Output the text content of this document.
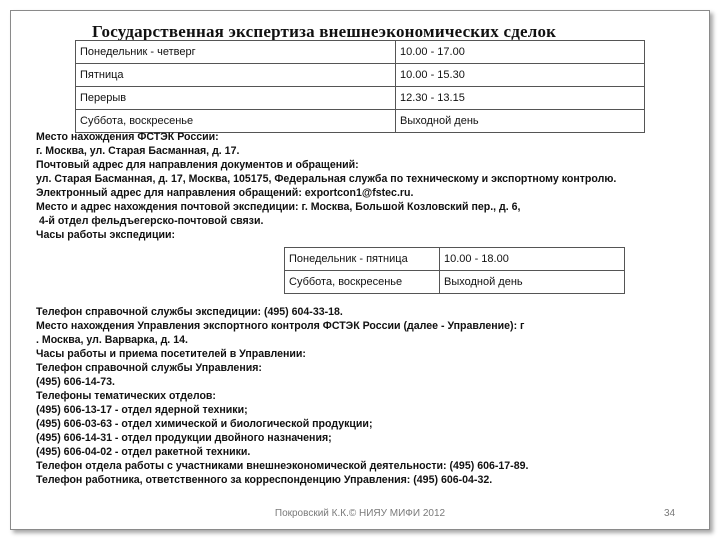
Государственная экспертиза внешнеэкономических сделок
Понедельник - четверг	10.00 - 17.00
Пятница	10.00 - 15.30
Перерыв	12.30 - 13.15
Суббота, воскресенье	Выходной день
Место нахождения ФСТЭК России:
г. Москва, ул. Старая Басманная, д. 17.
Почтовый адрес для направления документов и обращений:
ул. Старая Басманная, д. 17, Москва, 105175, Федеральная служба по техническому и экспортному контролю.
Электронный адрес для направления обращений: exportcon1@fstec.ru.
Место и адрес нахождения почтовой экспедиции: г. Москва, Большой Козловский пер., д. 6,
4-й отдел фельдъегерско-почтовой связи.
Часы работы экспедиции:
Понедельник - пятница	10.00 - 18.00
Суббота, воскресенье	Выходной день
Телефон справочной службы экспедиции: (495) 604-33-18.
Место нахождения Управления экспортного контроля ФСТЭК России (далее - Управление): г
. Москва, ул. Варварка, д. 14.
Часы работы и приема посетителей в Управлении:
Телефон справочной службы Управления:
(495) 606-14-73.
Телефоны тематических отделов:
(495) 606-13-17 - отдел ядерной техники;
(495) 606-03-63 - отдел химической и биологической продукции;
(495) 606-14-31 - отдел продукции двойного назначения;
(495) 606-04-02 - отдел ракетной техники.
Телефон отдела работы с участниками внешнеэкономической деятельности: (495) 606-17-89.
Телефон работника, ответственного за корреспонденцию Управления: (495) 606-04-32.
Покровский К.К.© НИЯУ МИФИ 2012	34
